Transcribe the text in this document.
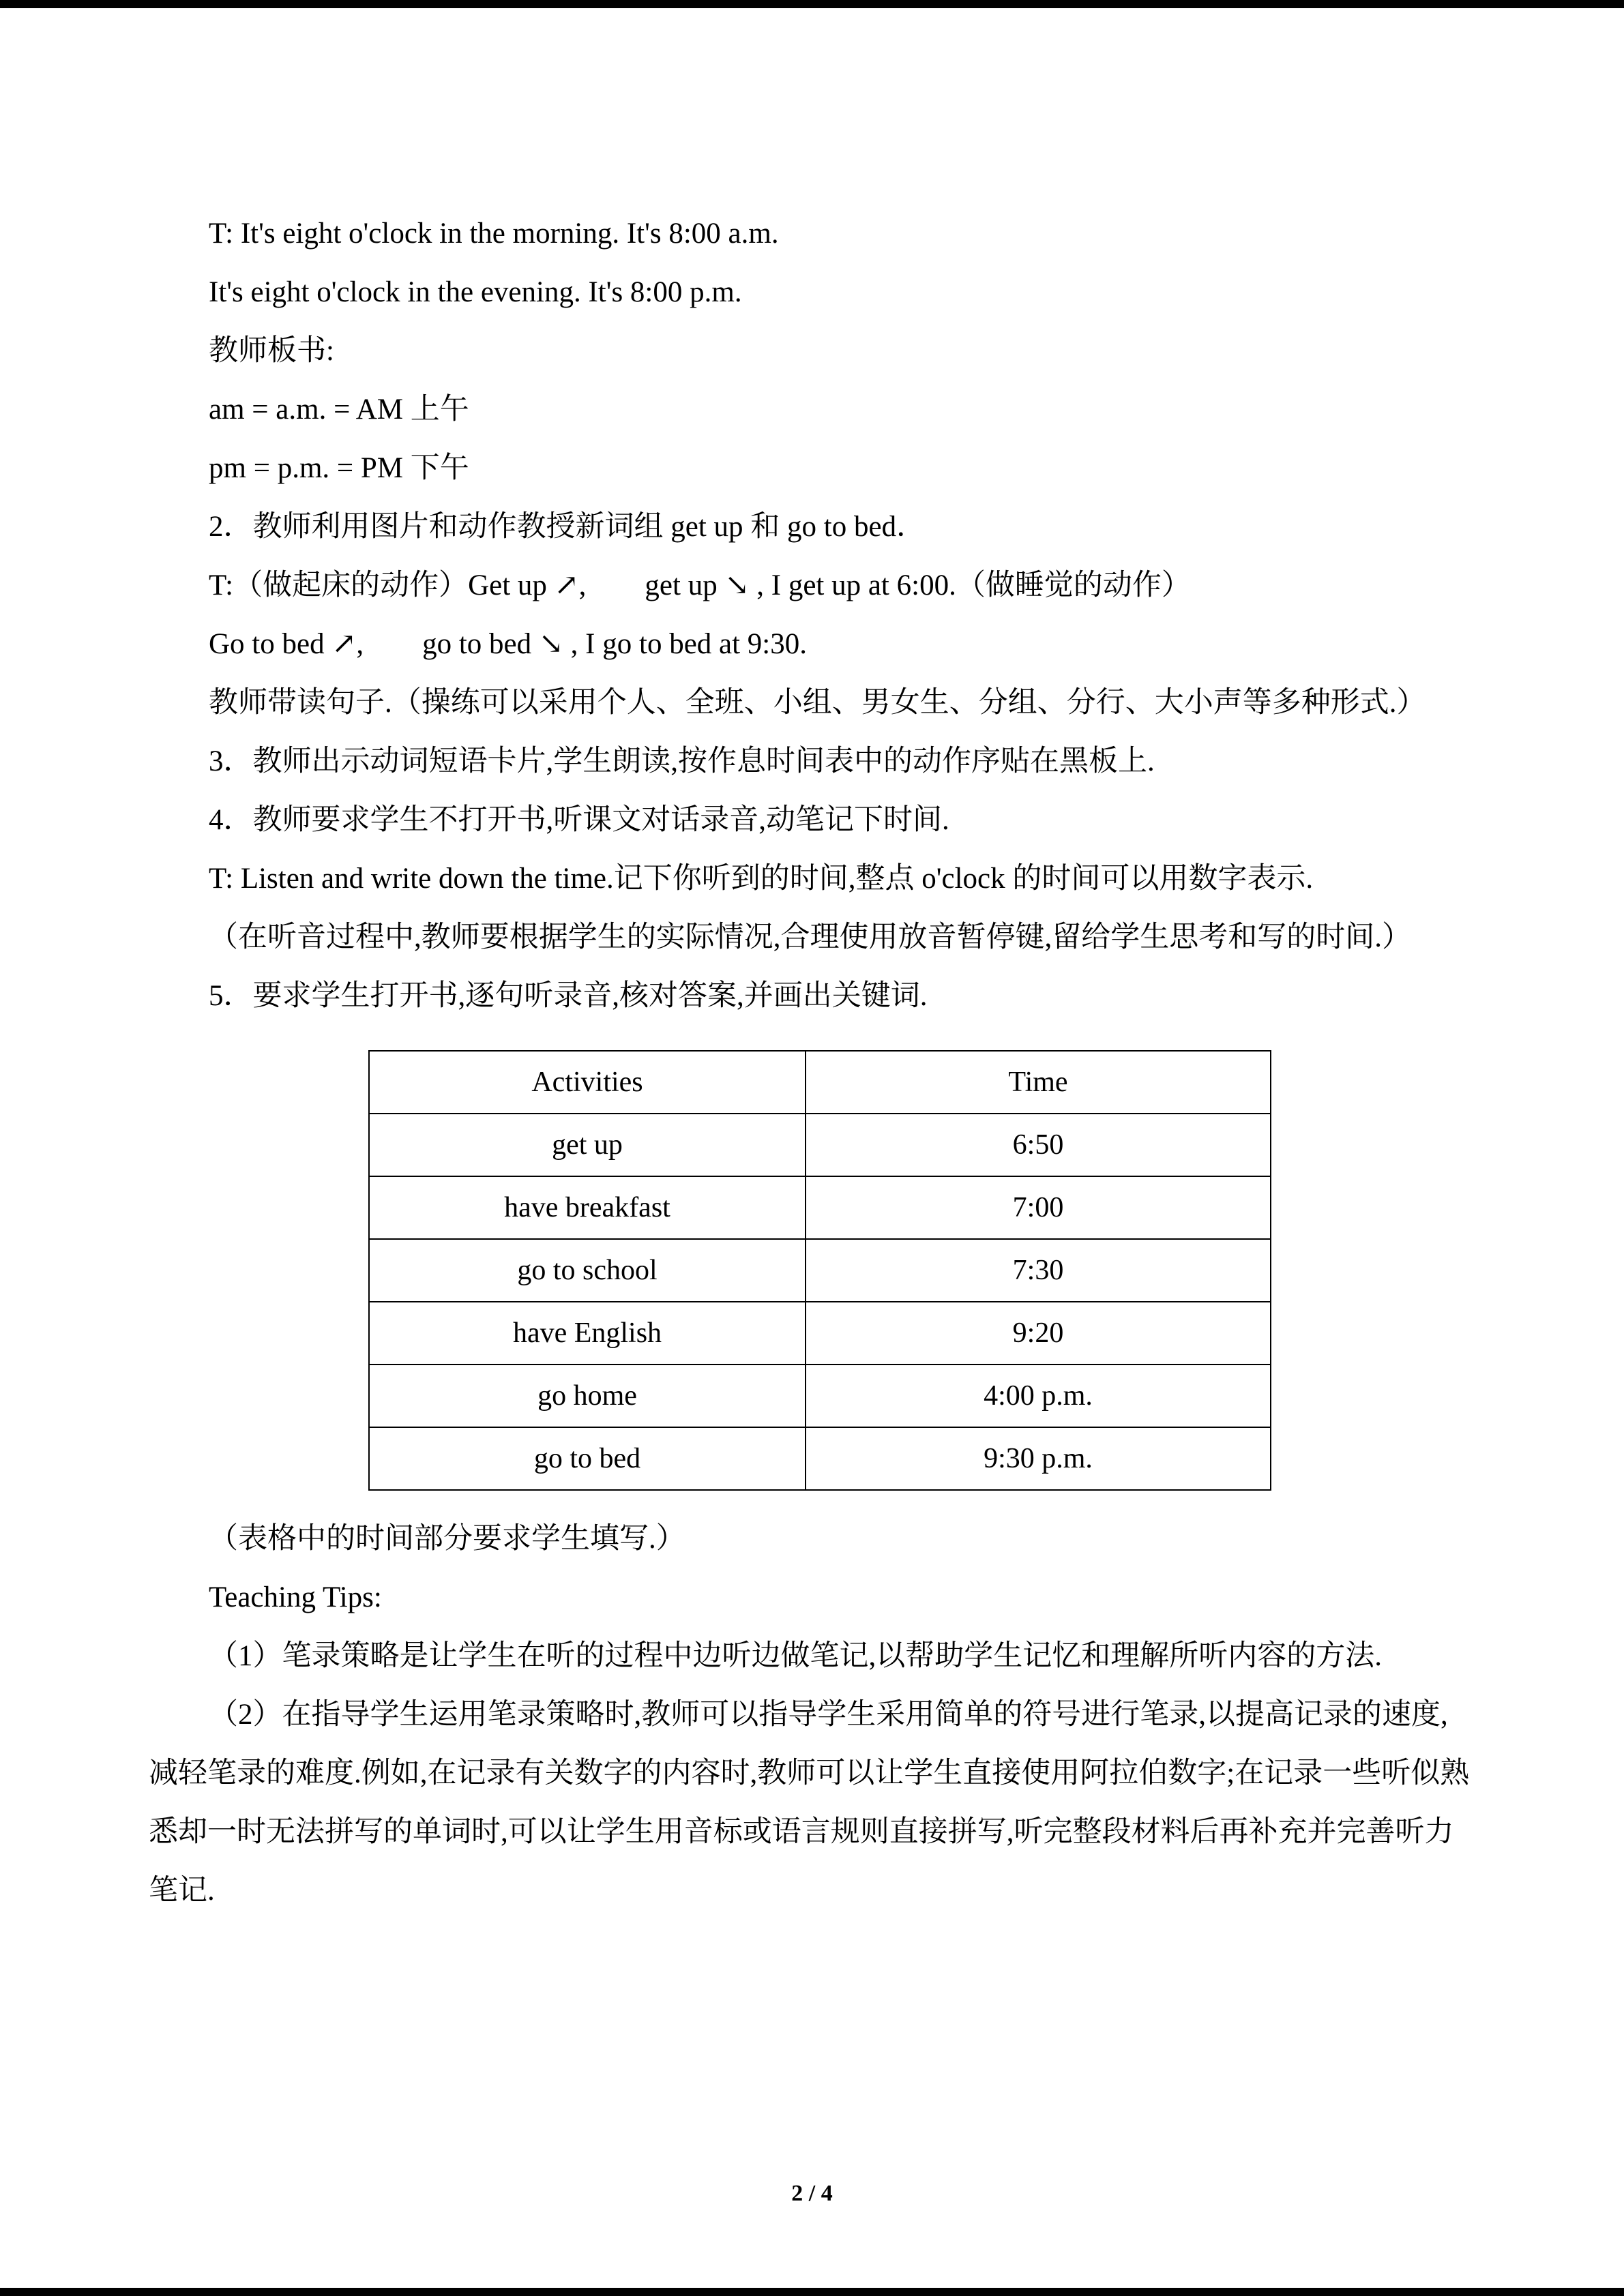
T: It's eight o'clock in the morning. It's 8:00 a.m.

It's eight o'clock in the evening. It's 8:00 p.m.

教师板书:

am = a.m. = AM 上午

pm = p.m. = PM 下午

2．教师利用图片和动作教授新词组 get up 和 go to bed．

T:（做起床的动作）Get up ↗,　　get up ↘ , I get up at 6:00.（做睡觉的动作）

Go to bed ↗,　　go to bed ↘ , I go to bed at 9:30.

教师带读句子.（操练可以采用个人、全班、小组、男女生、分组、分行、大小声等多种形式.）

3．教师出示动词短语卡片,学生朗读,按作息时间表中的动作序贴在黑板上.

4．教师要求学生不打开书,听课文对话录音,动笔记下时间.

T: Listen and write down the time.记下你听到的时间,整点 o'clock 的时间可以用数字表示.

（在听音过程中,教师要根据学生的实际情况,合理使用放音暂停键,留给学生思考和写的时间.）

5．要求学生打开书,逐句听录音,核对答案,并画出关键词.

Activities	Time
get up	6:50
have breakfast	7:00
go to school	7:30
have English	9:20
go home	4:00 p.m.
go to bed	9:30 p.m.

（表格中的时间部分要求学生填写.）

Teaching Tips:

（1）笔录策略是让学生在听的过程中边听边做笔记,以帮助学生记忆和理解所听内容的方法.

（2）在指导学生运用笔录策略时,教师可以指导学生采用简单的符号进行笔录,以提高记录的速度,减轻笔录的难度.例如,在记录有关数字的内容时,教师可以让学生直接使用阿拉伯数字;在记录一些听似熟悉却一时无法拼写的单词时,可以让学生用音标或语言规则直接拼写,听完整段材料后再补充并完善听力笔记.

2 / 4
